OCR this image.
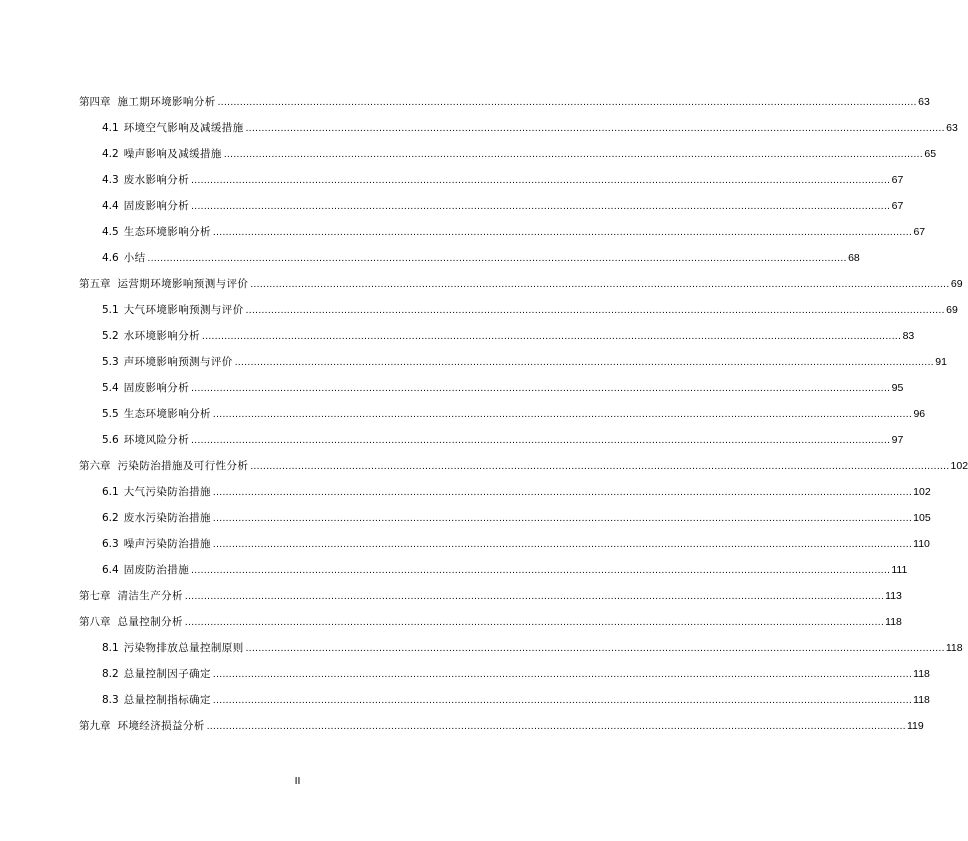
第四章 施工期环境影响分析 ............................................................................................................................................................................................................................ 63
4.1 环境空气影响及减缓措施 ............................................................................................................................................................................................................................ 63
4.2 噪声影响及减缓措施 ............................................................................................................................................................................................................................ 65
4.3 废水影响分析 ............................................................................................................................................................................................................................ 67
4.4 固废影响分析 ............................................................................................................................................................................................................................ 67
4.5 生态环境影响分析 ............................................................................................................................................................................................................................ 67
4.6 小结 ............................................................................................................................................................................................................................ 68
第五章 运营期环境影响预测与评价 ............................................................................................................................................................................................................................ 69
5.1 大气环境影响预测与评价 ............................................................................................................................................................................................................................ 69
5.2 水环境影响分析 ............................................................................................................................................................................................................................ 83
5.3 声环境影响预测与评价 ............................................................................................................................................................................................................................ 91
5.4 固废影响分析 ............................................................................................................................................................................................................................ 95
5.5 生态环境影响分析 ............................................................................................................................................................................................................................ 96
5.6 环境风险分析 ............................................................................................................................................................................................................................ 97
第六章 污染防治措施及可行性分析 ............................................................................................................................................................................................................................ 102
6.1 大气污染防治措施 ............................................................................................................................................................................................................................ 102
6.2 废水污染防治措施 ............................................................................................................................................................................................................................ 105
6.3 噪声污染防治措施 ............................................................................................................................................................................................................................ 110
6.4 固废防治措施 ............................................................................................................................................................................................................................ 111
第七章 清洁生产分析 ............................................................................................................................................................................................................................ 113
第八章 总量控制分析 ............................................................................................................................................................................................................................ 118
8.1 污染物排放总量控制原则 ............................................................................................................................................................................................................................ 118
8.2 总量控制因子确定 ............................................................................................................................................................................................................................ 118
8.3 总量控制指标确定 ............................................................................................................................................................................................................................ 118
第九章 环境经济损益分析 ............................................................................................................................................................................................................................ 119
II
